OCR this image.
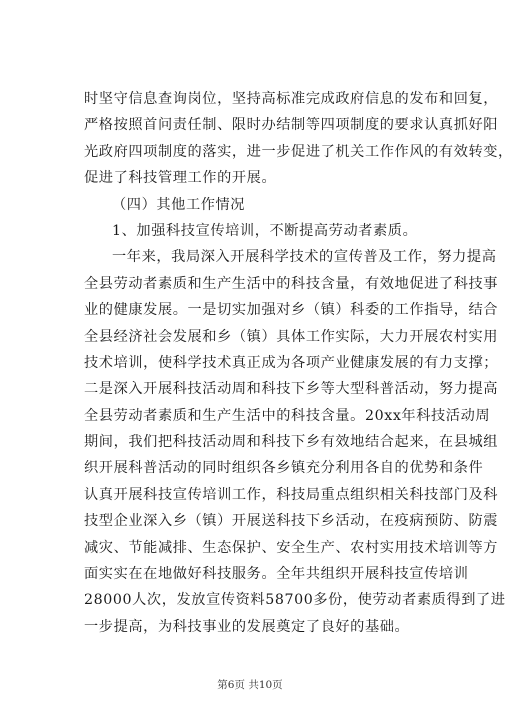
时坚守信息查询岗位，坚持高标准完成政府信息的发布和回复，
严格按照首问责任制、限时办结制等四项制度的要求认真抓好阳
光政府四项制度的落实，进一步促进了机关工作作风的有效转变，
促进了科技管理工作的开展。
（四）其他工作情况
1、加强科技宣传培训，不断提高劳动者素质。
一年来，我局深入开展科学技术的宣传普及工作，努力提高
全县劳动者素质和生产生活中的科技含量，有效地促进了科技事
业的健康发展。一是切实加强对乡（镇）科委的工作指导，结合
全县经济社会发展和乡（镇）具体工作实际，大力开展农村实用
技术培训，使科学技术真正成为各项产业健康发展的有力支撑；
二是深入开展科技活动周和科技下乡等大型科普活动，努力提高
全县劳动者素质和生产生活中的科技含量。20xx年科技活动周
期间，我们把科技活动周和科技下乡有效地结合起来，在县城组
织开展科普活动的同时组织各乡镇充分利用各自的优势和条件
认真开展科技宣传培训工作，科技局重点组织相关科技部门及科
技型企业深入乡（镇）开展送科技下乡活动，在疫病预防、防震
减灾、节能减排、生态保护、安全生产、农村实用技术培训等方
面实实在在地做好科技服务。全年共组织开展科技宣传培训
28000人次，发放宣传资料58700多份，使劳动者素质得到了进
一步提高，为科技事业的发展奠定了良好的基础。
第6页 共10页
